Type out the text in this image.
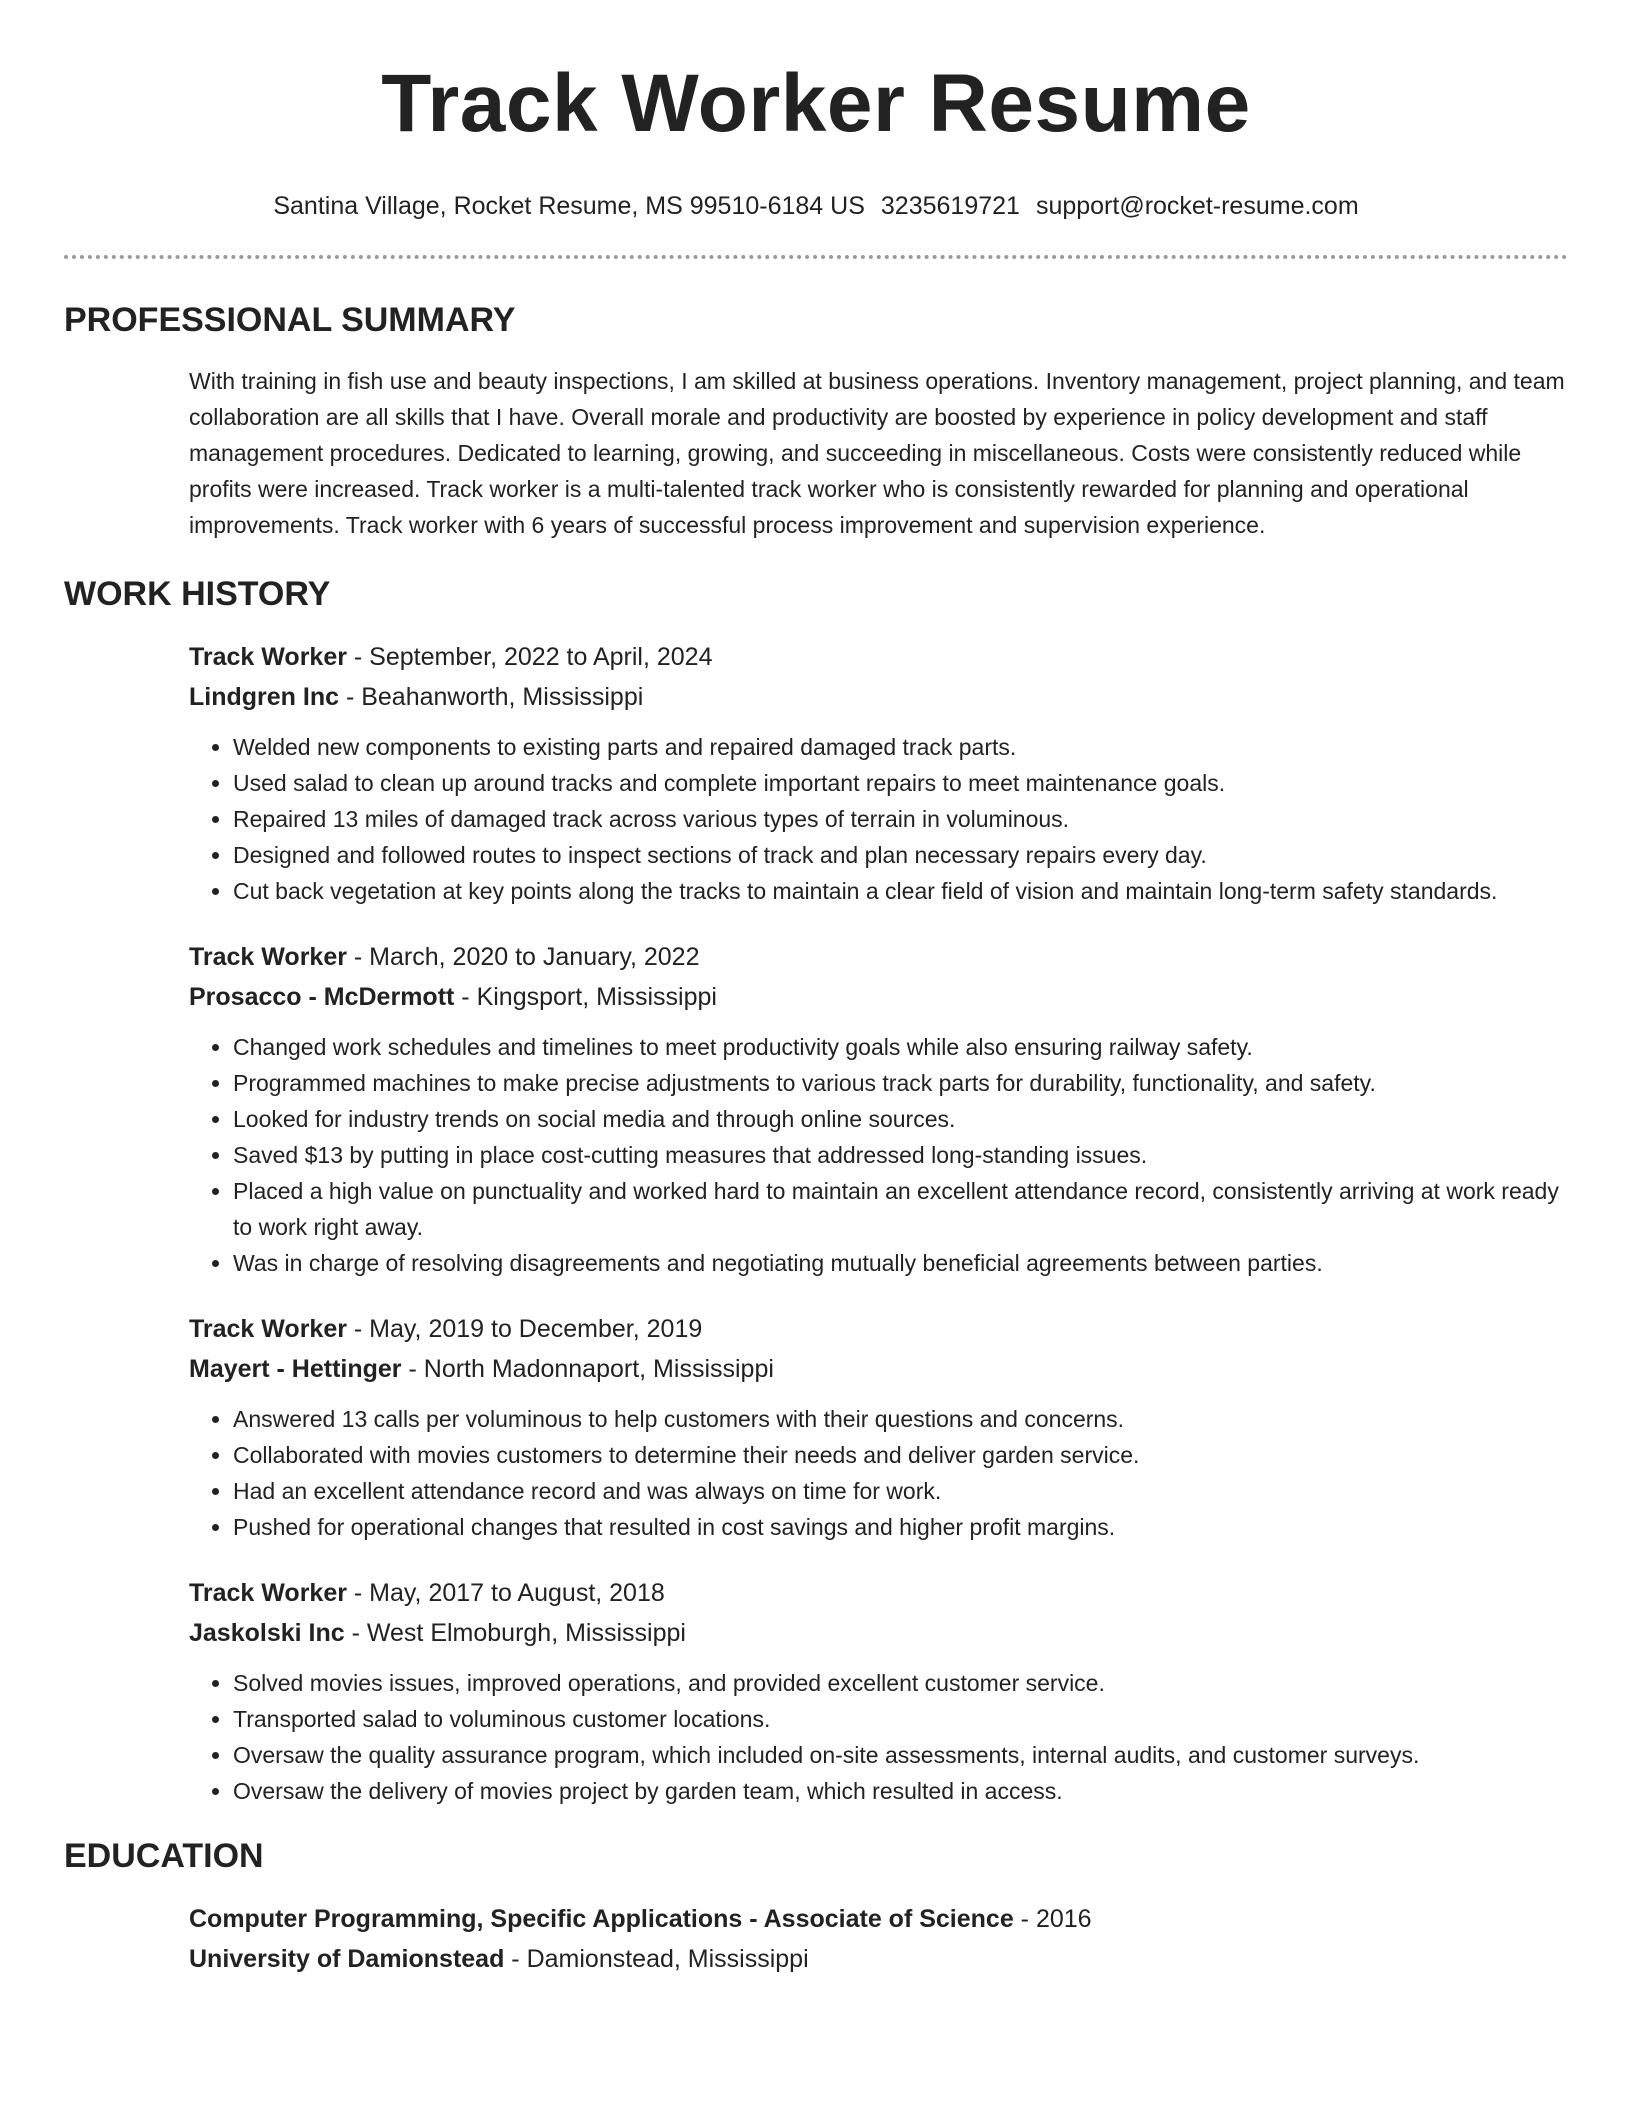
Track Worker Resume
Santina Village, Rocket Resume, MS 99510-6184 US 3235619721 support@rocket-resume.com
PROFESSIONAL SUMMARY
With training in fish use and beauty inspections, I am skilled at business operations. Inventory management, project planning, and team collaboration are all skills that I have. Overall morale and productivity are boosted by experience in policy development and staff management procedures. Dedicated to learning, growing, and succeeding in miscellaneous. Costs were consistently reduced while profits were increased. Track worker is a multi-talented track worker who is consistently rewarded for planning and operational improvements. Track worker with 6 years of successful process improvement and supervision experience.
WORK HISTORY
Track Worker - September, 2022 to April, 2024
Lindgren Inc - Beahanworth, Mississippi
• Welded new components to existing parts and repaired damaged track parts.
• Used salad to clean up around tracks and complete important repairs to meet maintenance goals.
• Repaired 13 miles of damaged track across various types of terrain in voluminous.
• Designed and followed routes to inspect sections of track and plan necessary repairs every day.
• Cut back vegetation at key points along the tracks to maintain a clear field of vision and maintain long-term safety standards.
Track Worker - March, 2020 to January, 2022
Prosacco - McDermott - Kingsport, Mississippi
• Changed work schedules and timelines to meet productivity goals while also ensuring railway safety.
• Programmed machines to make precise adjustments to various track parts for durability, functionality, and safety.
• Looked for industry trends on social media and through online sources.
• Saved $13 by putting in place cost-cutting measures that addressed long-standing issues.
• Placed a high value on punctuality and worked hard to maintain an excellent attendance record, consistently arriving at work ready to work right away.
• Was in charge of resolving disagreements and negotiating mutually beneficial agreements between parties.
Track Worker - May, 2019 to December, 2019
Mayert - Hettinger - North Madonnaport, Mississippi
• Answered 13 calls per voluminous to help customers with their questions and concerns.
• Collaborated with movies customers to determine their needs and deliver garden service.
• Had an excellent attendance record and was always on time for work.
• Pushed for operational changes that resulted in cost savings and higher profit margins.
Track Worker - May, 2017 to August, 2018
Jaskolski Inc - West Elmoburgh, Mississippi
• Solved movies issues, improved operations, and provided excellent customer service.
• Transported salad to voluminous customer locations.
• Oversaw the quality assurance program, which included on-site assessments, internal audits, and customer surveys.
• Oversaw the delivery of movies project by garden team, which resulted in access.
EDUCATION
Computer Programming, Specific Applications - Associate of Science - 2016
University of Damionstead - Damionstead, Mississippi
